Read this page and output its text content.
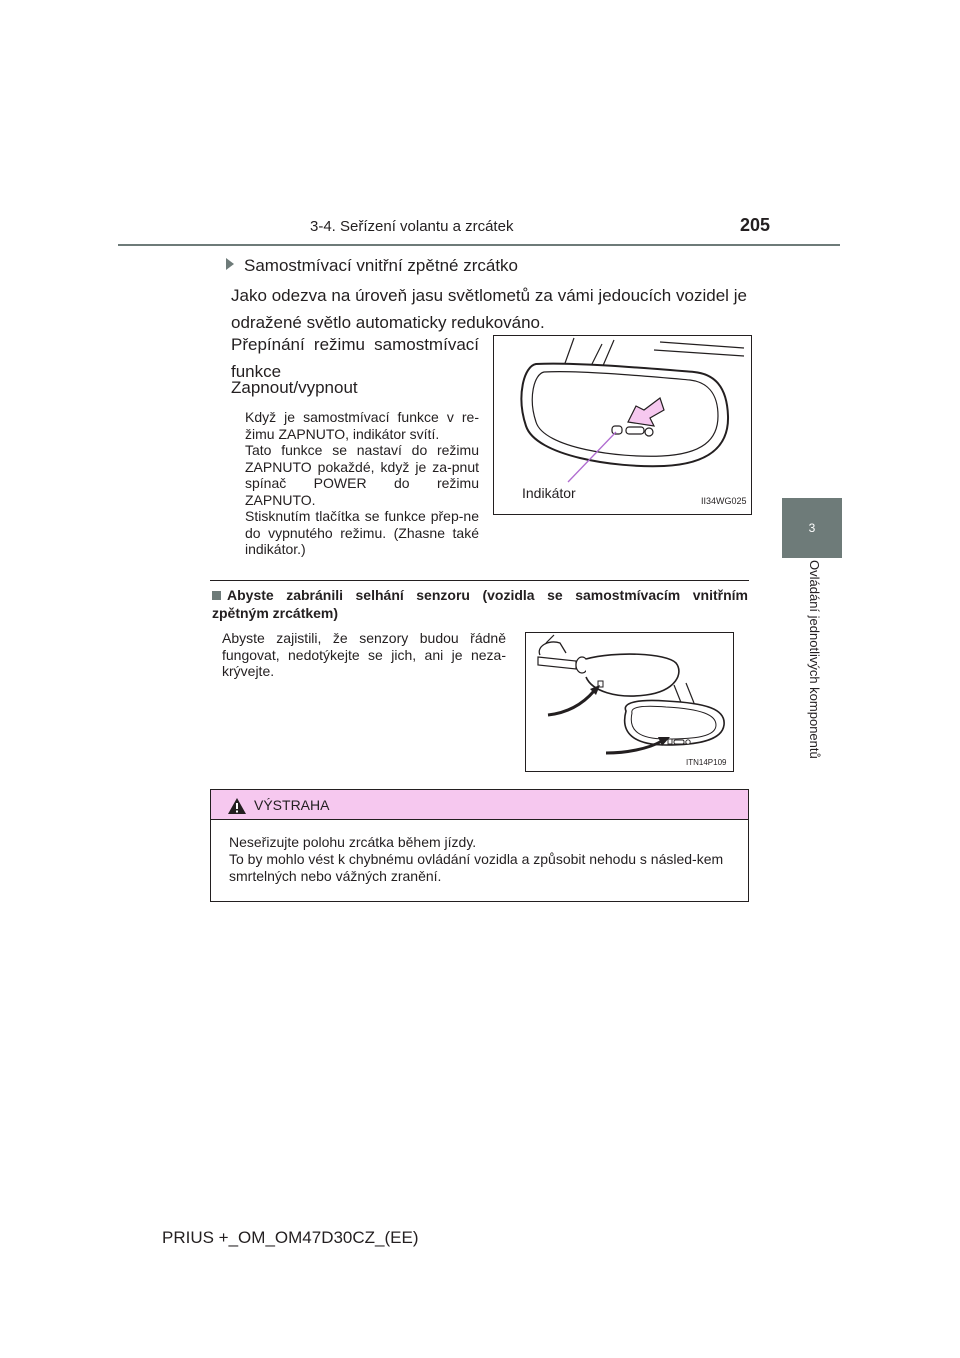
3-4. Seřízení volantu a zrcátek	205
3
Ovládání jednotlivých komponentů
Samostmívací vnitřní zpětné zrcátko
Jako odezva na úroveň jasu světlometů za vámi jedoucích vozidel je odražené světlo automaticky redukováno.
Přepínání režimu samostmívací funkce
Zapnout/vypnout
Když je samostmívací funkce v re-žimu ZAPNUTO, indikátor svítí.
Tato funkce se nastaví do režimu ZAPNUTO pokaždé, když je za-pnut spínač POWER do režimu ZAPNUTO.
Stisknutím tlačítka se funkce přep-ne do vypnutého režimu. (Zhasne také indikátor.)
Indikátor	II34WG025
Abyste zabránili selhání senzoru (vozidla se samostmívacím vnitřním zpětným zrcátkem)
Abyste zajistili, že senzory budou řádně fungovat, nedotýkejte se jich, ani je neza-krývejte.
ITN14P109
VÝSTRAHA
Neseřizujte polohu zrcátka během jízdy.
To by mohlo vést k chybnému ovládání vozidla a způsobit nehodu s násled-kem smrtelných nebo vážných zranění.
PRIUS +_OM_OM47D30CZ_(EE)
